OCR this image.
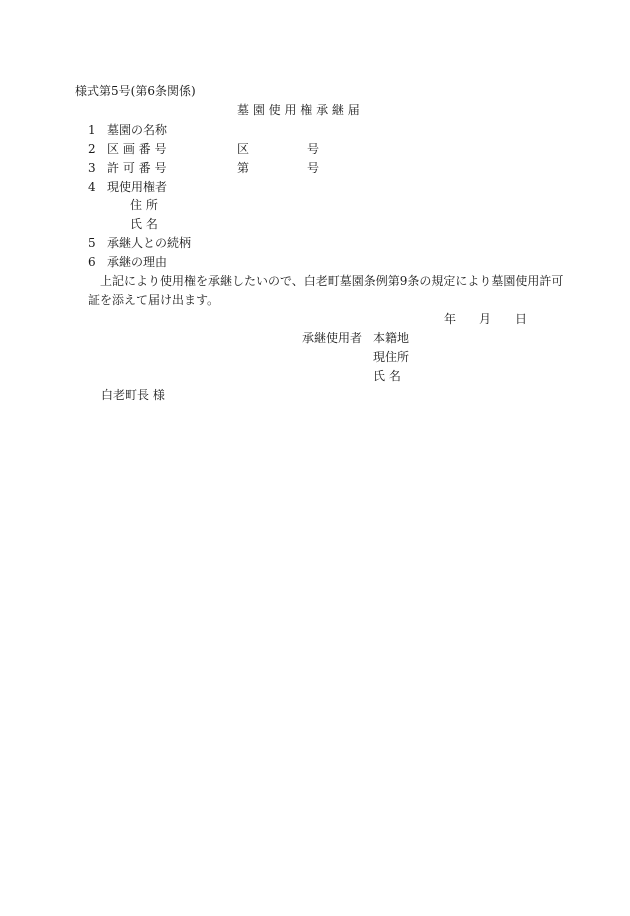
様式第5号(第6条関係)
墓 園 使 用 権 承 継 届
1 墓園の名称
2 区 画 番 号	区	号
3 許 可 番 号	第	号
4 現使用権者
住 所
氏 名
5 承継人との続柄
6 承継の理由
上記により使用権を承継したいので、白老町墓園条例第9条の規定により墓園使用許可
証を添えて届け出ます。
年 月 日
承継使用者 本籍地
現住所
氏 名
白老町長 様
